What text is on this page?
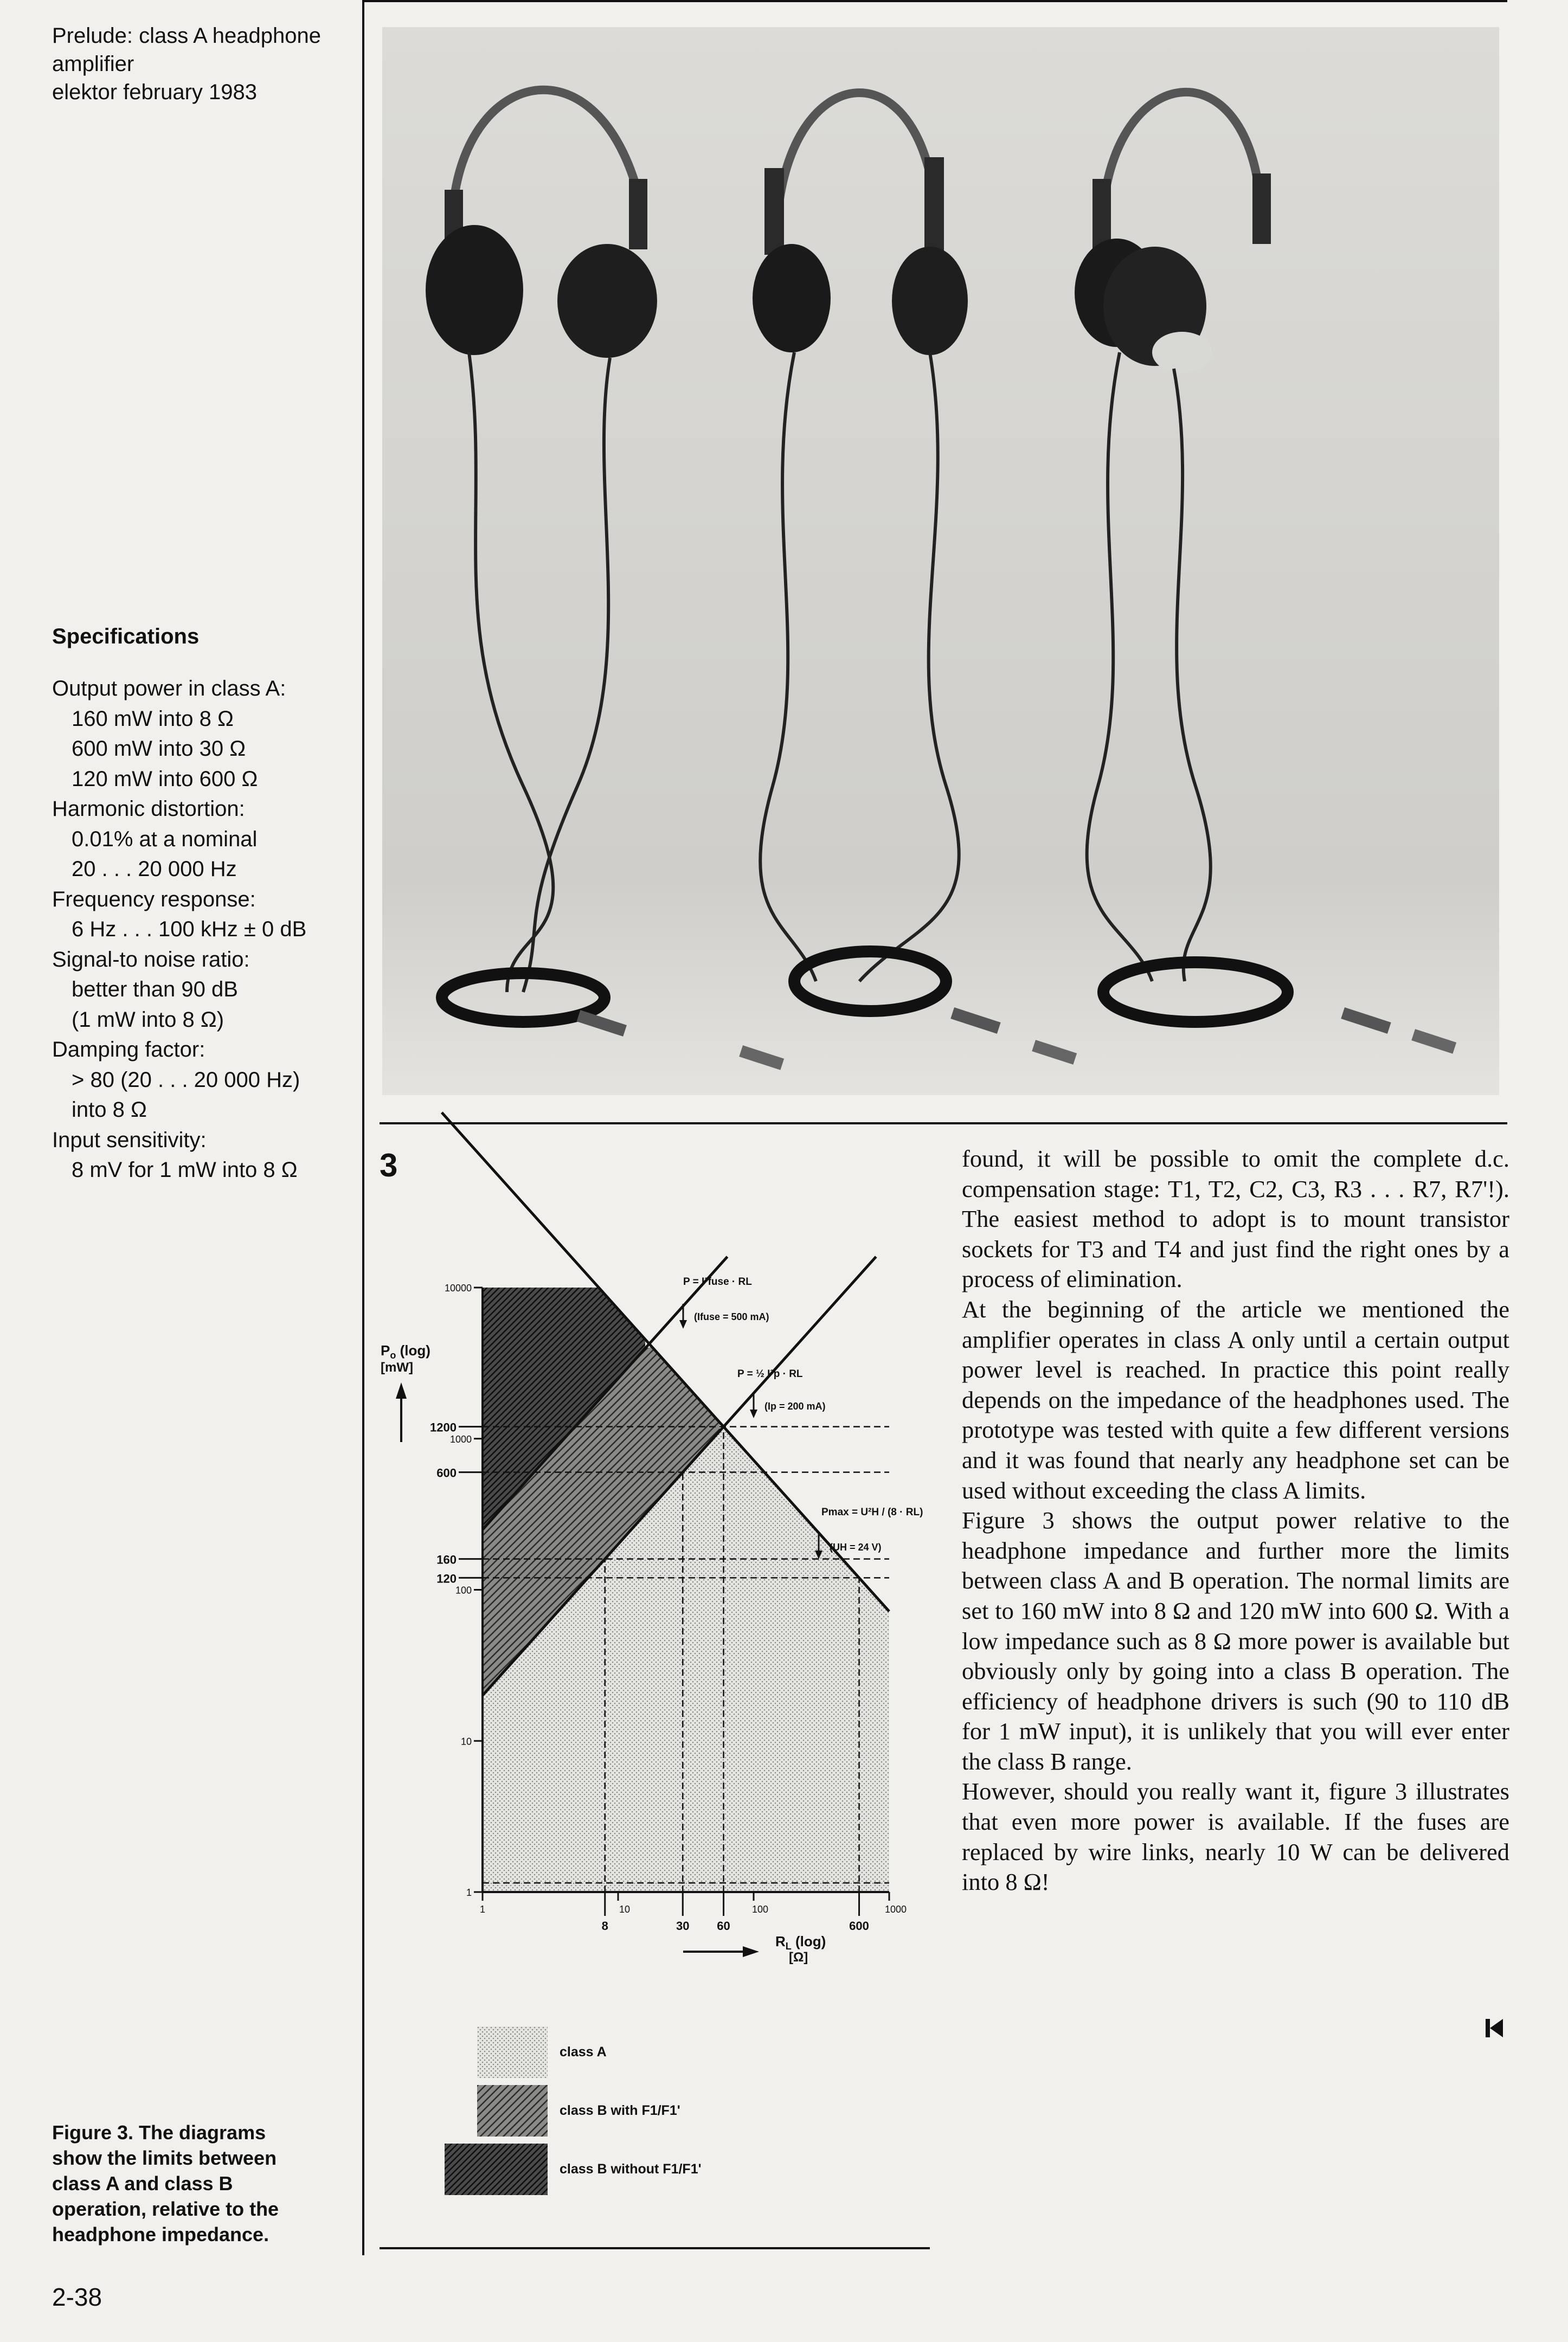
Prelude: class A headphone
amplifier
elektor february 1983
Specifications
Output power in class A:
160 mW into 8 Ω
600 mW into 30 Ω
120 mW into 600 Ω
Harmonic distortion:
0.01% at a nominal
20 . . . 20 000 Hz
Frequency response:
6 Hz . . . 100 kHz ± 0 dB
Signal-to noise ratio:
better than 90 dB
(1 mW into 8 Ω)
Damping factor:
> 80 (20 . . . 20 000 Hz)
into 8 Ω
Input sensitivity:
8 mV for 1 mW into 8 Ω
Figure 3. The diagrams
show the limits between
class A and class B
operation, relative to the
headphone impedance.
2-38
3
1	10	100	1000
8	30 60	600
1
10
100
1000
10000
120
160
600
1200
$P_o$ (log)
[mW]
$R_L$ (log)
[Ω]
P = I²fuse · RL
(Ifuse = 500 mA)
P = ½ I²p · RL
(Ip = 200 mA)
Pmax = U²H / (8 · RL)
(UH = 24 V)
class A
class B with F1/F1'
class B without F1/F1'

found, it will be possible to omit the complete d.c. compensation stage: T1, T2, C2, C3, R3 . . . R7, R7'!). The easiest method to adopt is to mount transistor sockets for T3 and T4 and just find the right ones by a process of elimination.

At the beginning of the article we mentioned the amplifier operates in class A only until a certain output power level is reached. In practice this point really depends on the impedance of the headphones used. The prototype was tested with quite a few different versions and it was found that nearly any headphone set can be used without exceeding the class A limits.

Figure 3 shows the output power relative to the headphone impedance and further more the limits between class A and B operation. The normal limits are set to 160 mW into 8 Ω and 120 mW into 600 Ω. With a low impedance such as 8 Ω more power is available but obviously only by going into a class B operation. The efficiency of headphone drivers is such (90 to 110 dB for 1 mW input), it is unlikely that you will ever enter the class B range.

However, should you really want it, figure 3 illustrates that even more power is available. If the fuses are replaced by wire links, nearly 10 W can be delivered into 8 Ω!
